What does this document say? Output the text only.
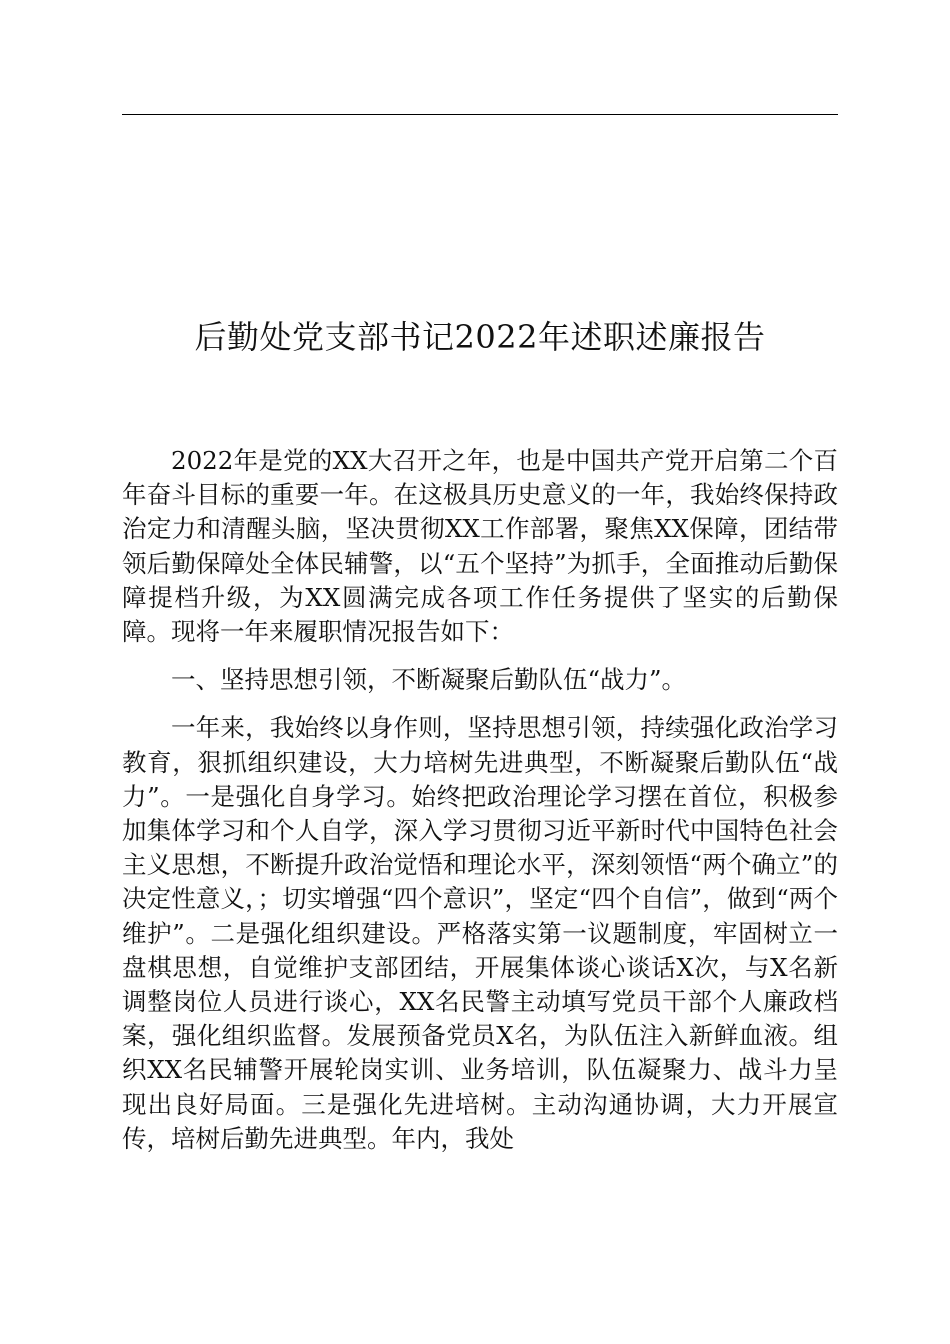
后勤处党支部书记2022年述职述廉报告

2022年是党的XX大召开之年，也是中国共产党开启第二个百年奋斗目标的重要一年。在这极具历史意义的一年，我始终保持政治定力和清醒头脑，坚决贯彻XX工作部署，聚焦XX保障，团结带领后勤保障处全体民辅警，以“五个坚持”为抓手，全面推动后勤保障提档升级，为XX圆满完成各项工作任务提供了坚实的后勤保障。现将一年来履职情况报告如下：

一、坚持思想引领，不断凝聚后勤队伍“战力”。

一年来，我始终以身作则，坚持思想引领，持续强化政治学习教育，狠抓组织建设，大力培树先进典型，不断凝聚后勤队伍“战力”。一是强化自身学习。始终把政治理论学习摆在首位，积极参加集体学习和个人自学，深入学习贯彻习近平新时代中国特色社会主义思想，不断提升政治觉悟和理论水平，深刻领悟“两个确立”的决定性意义，；切实增强“四个意识”，坚定“四个自信”，做到“两个维护”。二是强化组织建设。严格落实第一议题制度，牢固树立一盘棋思想，自觉维护支部团结，开展集体谈心谈话X次，与X名新调整岗位人员进行谈心，XX名民警主动填写党员干部个人廉政档案，强化组织监督。发展预备党员X名，为队伍注入新鲜血液。组织XX名民辅警开展轮岗实训、业务培训，队伍凝聚力、战斗力呈现出良好局面。三是强化先进培树。主动沟通协调，大力开展宣传，培树后勤先进典型。年内，我处
